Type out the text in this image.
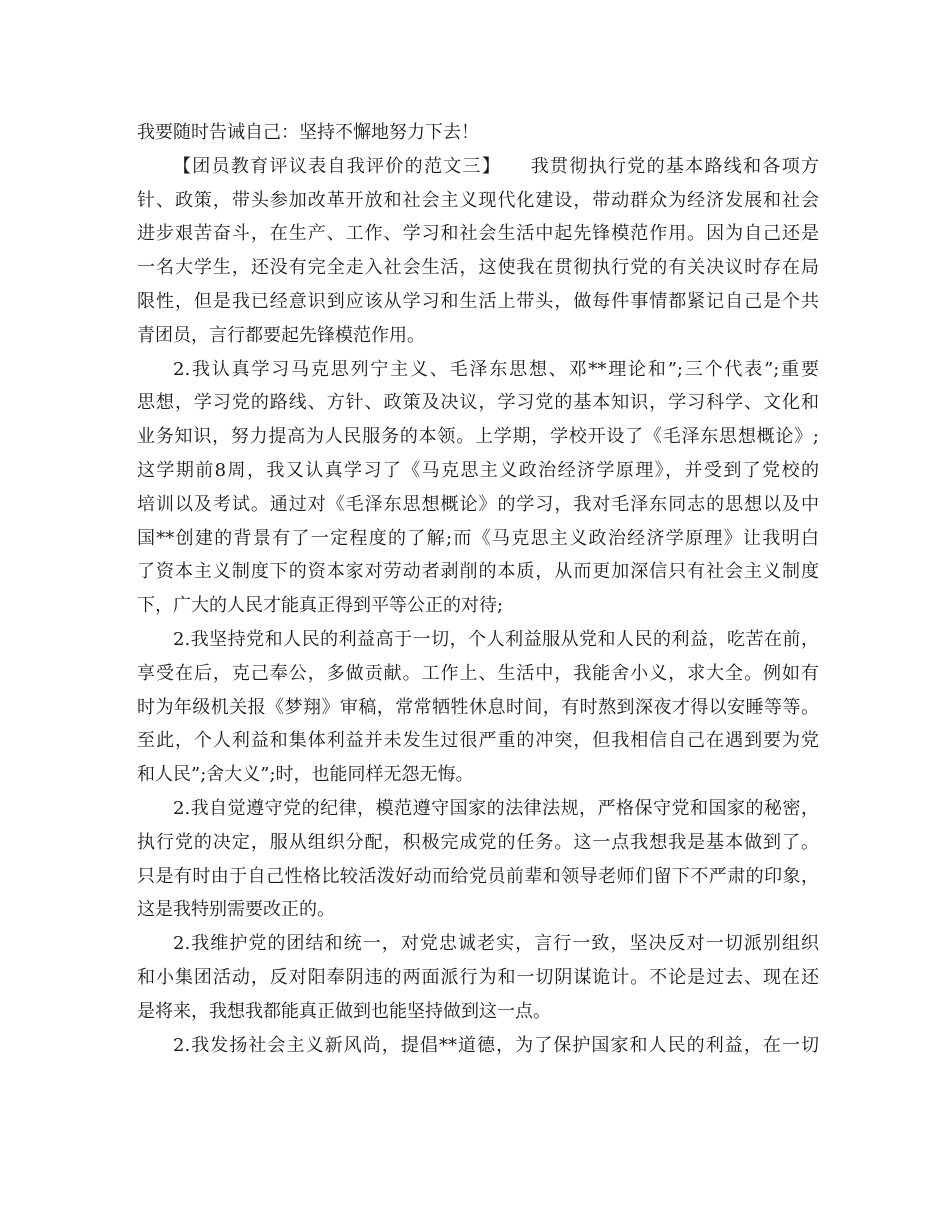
我要随时告诫自己：坚持不懈地努力下去！
【团员教育评议表自我评价的范文三】　　我贯彻执行党的基本路线和各项方
针、政策，带头参加改革开放和社会主义现代化建设，带动群众为经济发展和社会
进步艰苦奋斗，在生产、工作、学习和社会生活中起先锋模范作用。因为自己还是
一名大学生，还没有完全走入社会生活，这使我在贯彻执行党的有关决议时存在局
限性，但是我已经意识到应该从学习和生活上带头，做每件事情都紧记自己是个共
青团员，言行都要起先锋模范作用。
2.我认真学习马克思列宁主义、毛泽东思想、邓**理论和”;三个代表”;重要
思想，学习党的路线、方针、政策及决议，学习党的基本知识，学习科学、文化和
业务知识，努力提高为人民服务的本领。上学期，学校开设了《毛泽东思想概论》;
这学期前8周，我又认真学习了《马克思主义政治经济学原理》，并受到了党校的
培训以及考试。通过对《毛泽东思想概论》的学习，我对毛泽东同志的思想以及中
国**创建的背景有了一定程度的了解;而《马克思主义政治经济学原理》让我明白
了资本主义制度下的资本家对劳动者剥削的本质，从而更加深信只有社会主义制度
下，广大的人民才能真正得到平等公正的对待;
2.我坚持党和人民的利益高于一切，个人利益服从党和人民的利益，吃苦在前，
享受在后，克己奉公，多做贡献。工作上、生活中，我能舍小义，求大全。例如有
时为年级机关报《梦翔》审稿，常常牺牲休息时间，有时熬到深夜才得以安睡等等。
至此，个人利益和集体利益并未发生过很严重的冲突，但我相信自己在遇到要为党
和人民”;舍大义”;时，也能同样无怨无悔。
2.我自觉遵守党的纪律，模范遵守国家的法律法规，严格保守党和国家的秘密，
执行党的决定，服从组织分配，积极完成党的任务。这一点我想我是基本做到了。
只是有时由于自己性格比较活泼好动而给党员前辈和领导老师们留下不严肃的印象，
这是我特别需要改正的。
2.我维护党的团结和统一，对党忠诚老实，言行一致，坚决反对一切派别组织
和小集团活动，反对阳奉阴违的两面派行为和一切阴谋诡计。不论是过去、现在还
是将来，我想我都能真正做到也能坚持做到这一点。
2.我发扬社会主义新风尚，提倡**道德，为了保护国家和人民的利益，在一切
